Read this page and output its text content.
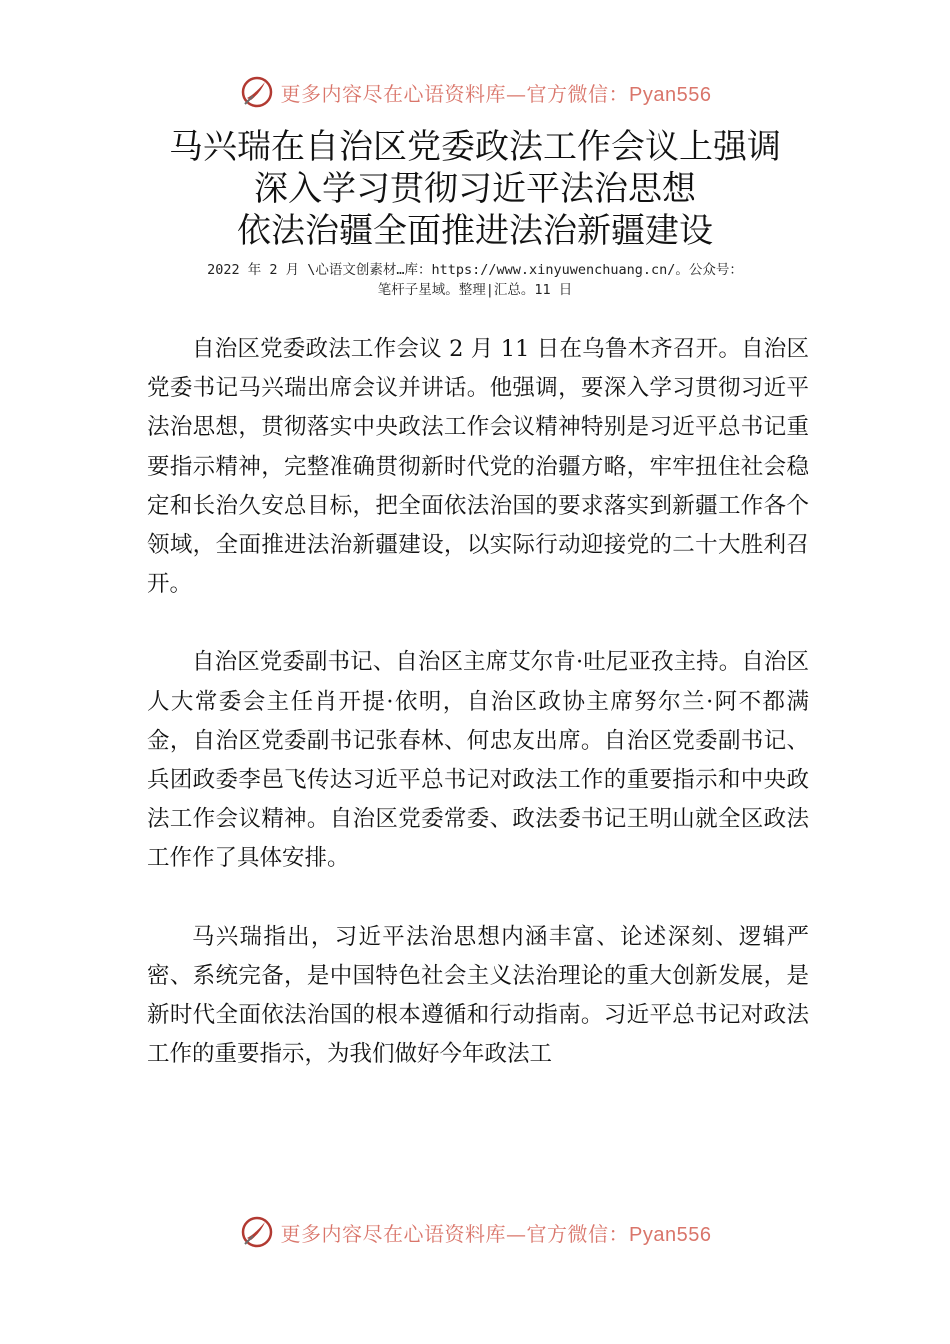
更多内容尽在心语资料库—官方微信：Pyan556
马兴瑞在自治区党委政法工作会议上强调
深入学习贯彻习近平法治思想
依法治疆全面推进法治新疆建设
2022 年 2 月 \心语文创素材…库：https://www.xinyuwenchuang.cn/。公众号：
笔杆子星域。整理|汇总。11 日

自治区党委政法工作会议 2 月 11 日在乌鲁木齐召开。自治区党委书记马兴瑞出席会议并讲话。他强调，要深入学习贯彻习近平法治思想，贯彻落实中央政法工作会议精神特别是习近平总书记重要指示精神，完整准确贯彻新时代党的治疆方略，牢牢扭住社会稳定和长治久安总目标，把全面依法治国的要求落实到新疆工作各个领域，全面推进法治新疆建设，以实际行动迎接党的二十大胜利召开。

自治区党委副书记、自治区主席艾尔肯·吐尼亚孜主持。自治区人大常委会主任肖开提·依明，自治区政协主席努尔兰·阿不都满金，自治区党委副书记张春林、何忠友出席。自治区党委副书记、兵团政委李邑飞传达习近平总书记对政法工作的重要指示和中央政法工作会议精神。自治区党委常委、政法委书记王明山就全区政法工作作了具体安排。

马兴瑞指出，习近平法治思想内涵丰富、论述深刻、逻辑严密、系统完备，是中国特色社会主义法治理论的重大创新发展，是新时代全面依法治国的根本遵循和行动指南。习近平总书记对政法工作的重要指示，为我们做好今年政法工

更多内容尽在心语资料库—官方微信：Pyan556
